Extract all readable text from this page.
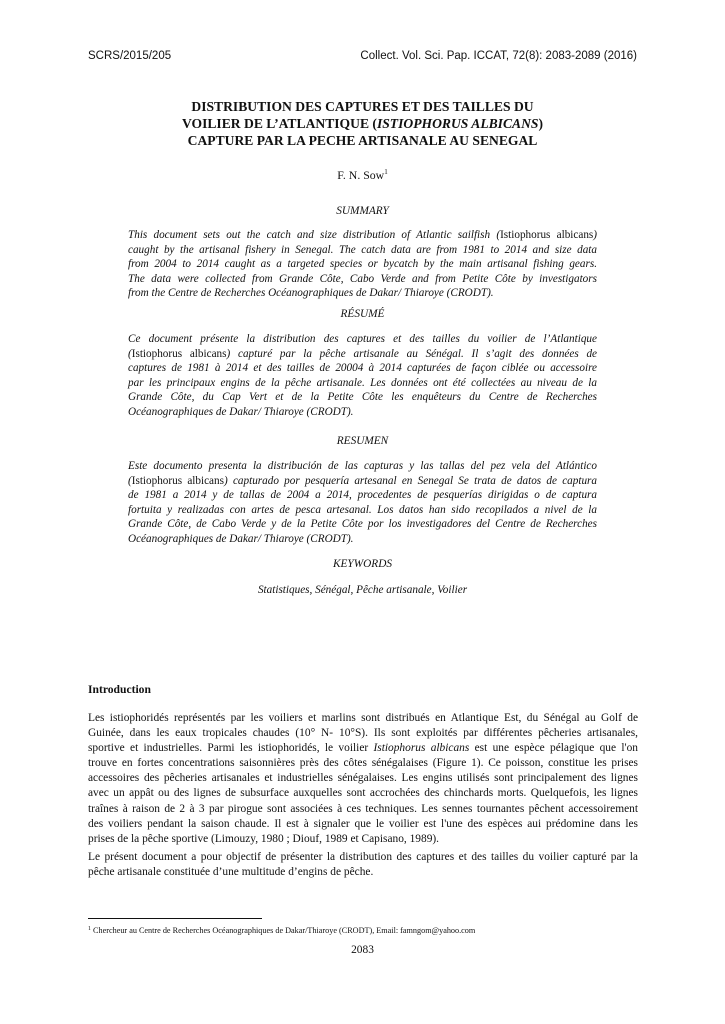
SCRS/2015/205	Collect. Vol. Sci. Pap. ICCAT, 72(8): 2083-2089 (2016)
DISTRIBUTION DES CAPTURES ET DES TAILLES DU
VOILIER DE L’ATLANTIQUE (ISTIOPHORUS ALBICANS)
CAPTURE PAR LA PECHE ARTISANALE AU SENEGAL
F. N. Sow$^1$
SUMMARY
This document sets out the catch and size distribution of Atlantic sailfish (Istiophorus albicans)
caught by the artisanal fishery in Senegal. The catch data are from 1981 to 2014 and size data
from 2004 to 2014 caught as a targeted species or bycatch by the main artisanal fishing gears.
The data were collected from Grande Côte, Cabo Verde and from Petite Côte by investigators
from the Centre de Recherches Océanographiques de Dakar/ Thiaroye (CRODT).
RÉSUMÉ
Ce document présente la distribution des captures et des tailles du voilier de l’Atlantique
(Istiophorus albicans) capturé par la pêche artisanale au Sénégal. Il s’agit des données de
captures de 1981 à 2014 et des tailles de 20004 à 2014 capturées de façon ciblée ou accessoire
par les principaux engins de la pêche artisanale. Les données ont été collectées au niveau de la
Grande Côte, du Cap Vert et de la Petite Côte les enquêteurs du Centre de Recherches
Océanographiques de Dakar/ Thiaroye (CRODT).
RESUMEN
Este documento presenta la distribución de las capturas y las tallas del pez vela del Atlántico
(Istiophorus albicans) capturado por pesquería artesanal en Senegal Se trata de datos de captura
de 1981 a 2014 y de tallas de 2004 a 2014, procedentes de pesquerías dirigidas o de captura
fortuita y realizadas con artes de pesca artesanal. Los datos han sido recopilados a nivel de la
Grande Côte, de Cabo Verde y de la Petite Côte por los investigadores del Centre de Recherches
Océanographiques de Dakar/ Thiaroye (CRODT).
KEYWORDS
Statistiques, Sénégal, Pêche artisanale, Voilier
Introduction
Les istiophoridés représentés par les voiliers et marlins sont distribués en Atlantique Est, du Sénégal au Golf de
Guinée, dans les eaux tropicales chaudes (10° N- 10°S). Ils sont exploités par différentes pêcheries artisanales,
sportive et industrielles. Parmi les istiophoridés, le voilier Istiophorus albicans est une espèce pélagique que l'on
trouve en fortes concentrations saisonnières près des côtes sénégalaises (Figure 1). Ce poisson, constitue les prises
accessoires des pêcheries artisanales et industrielles sénégalaises. Les engins utilisés sont principalement des lignes
avec un appât ou des lignes de subsurface auxquelles sont accrochées des chinchards morts. Quelquefois, les lignes
traînes à raison de 2 à 3 par pirogue sont associées à ces techniques. Les sennes tournantes pêchent accessoirement
des voiliers pendant la saison chaude. Il est à signaler que le voilier est l'une des espèces aui prédomine dans les
prises de la pêche sportive (Limouzy, 1980 ; Diouf, 1989 et Capisano, 1989).
Le présent document a pour objectif de présenter la distribution des captures et des tailles du voilier capturé par la
pêche artisanale constituée d’une multitude d’engins de pêche.
$^1$ Chercheur au Centre de Recherches Océanographiques de Dakar/Thiaroye (CRODT), Email: famngom@yahoo.com
2083
